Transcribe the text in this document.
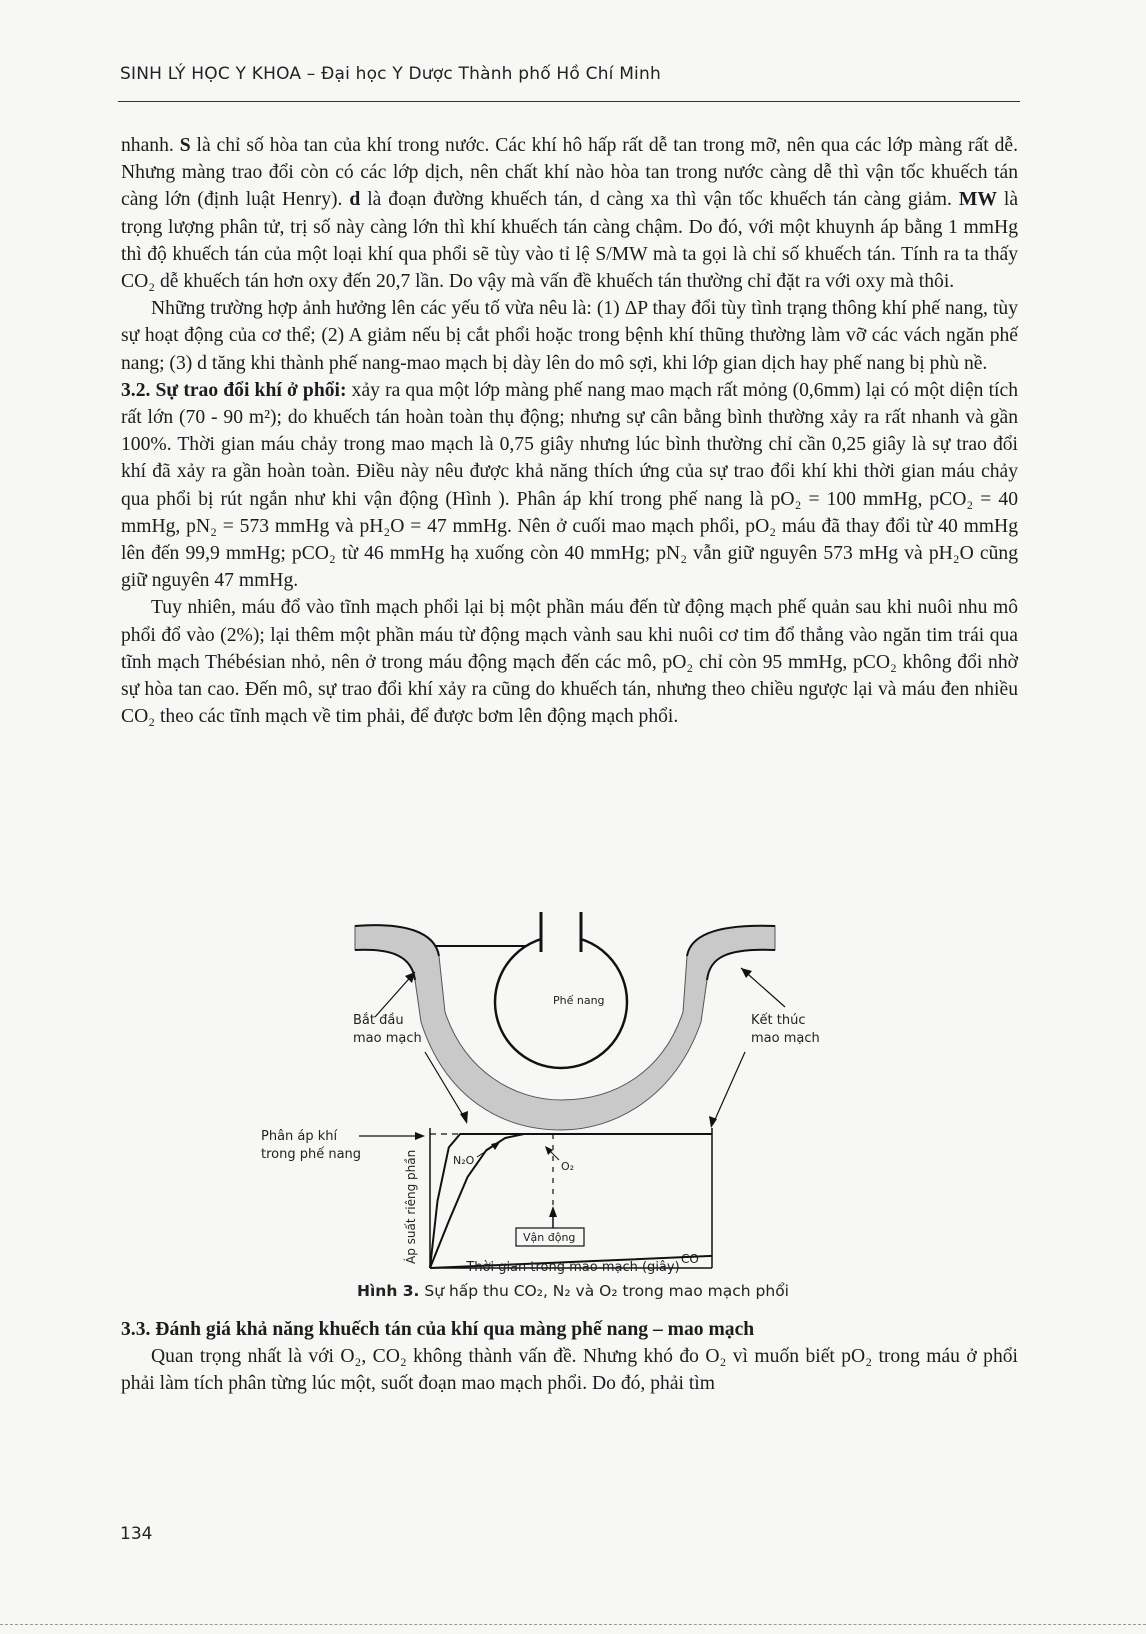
SINH LÝ HỌC Y KHOA – Đại học Y Dược Thành phố Hồ Chí Minh

nhanh. S là chỉ số hòa tan của khí trong nước. Các khí hô hấp rất dễ tan trong mỡ, nên qua các lớp màng rất dễ. Nhưng màng trao đổi còn có các lớp dịch, nên chất khí nào hòa tan trong nước càng dễ thì vận tốc khuếch tán càng lớn (định luật Henry). d là đoạn đường khuếch tán, d càng xa thì vận tốc khuếch tán càng giảm. MW là trọng lượng phân tử, trị số này càng lớn thì khí khuếch tán càng chậm. Do đó, với một khuynh áp bằng 1 mmHg thì độ khuếch tán của một loại khí qua phổi sẽ tùy vào tỉ lệ S/MW mà ta gọi là chỉ số khuếch tán. Tính ra ta thấy CO₂ dễ khuếch tán hơn oxy đến 20,7 lần. Do vậy mà vấn đề khuếch tán thường chỉ đặt ra với oxy mà thôi.

Những trường hợp ảnh hưởng lên các yếu tố vừa nêu là: (1) ΔP thay đổi tùy tình trạng thông khí phế nang, tùy sự hoạt động của cơ thể; (2) A giảm nếu bị cắt phổi hoặc trong bệnh khí thũng thường làm vỡ các vách ngăn phế nang; (3) d tăng khi thành phế nang-mao mạch bị dày lên do mô sợi, khi lớp gian dịch hay phế nang bị phù nề.

3.2. Sự trao đổi khí ở phổi: xảy ra qua một lớp màng phế nang mao mạch rất mỏng (0,6mm) lại có một diện tích rất lớn (70 - 90 m²); do khuếch tán hoàn toàn thụ động; nhưng sự cân bằng bình thường xảy ra rất nhanh và gần 100%. Thời gian máu chảy trong mao mạch là 0,75 giây nhưng lúc bình thường chỉ cần 0,25 giây là sự trao đổi khí đã xảy ra gần hoàn toàn. Điều này nêu được khả năng thích ứng của sự trao đổi khí khi thời gian máu chảy qua phổi bị rút ngắn như khi vận động (Hình ). Phân áp khí trong phế nang là pO₂ = 100 mmHg, pCO₂ = 40 mmHg, pN₂ = 573 mmHg và pH₂O = 47 mmHg. Nên ở cuối mao mạch phổi, pO₂ máu đã thay đổi từ 40 mmHg lên đến 99,9 mmHg; pCO₂ từ 46 mmHg hạ xuống còn 40 mmHg; pN₂ vẫn giữ nguyên 573 mHg và pH₂O cũng giữ nguyên 47 mmHg.

Tuy nhiên, máu đổ vào tĩnh mạch phổi lại bị một phần máu đến từ động mạch phế quản sau khi nuôi nhu mô phổi đổ vào (2%); lại thêm một phần máu từ động mạch vành sau khi nuôi cơ tim đổ thẳng vào ngăn tim trái qua tĩnh mạch Thébésian nhỏ, nên ở trong máu động mạch đến các mô, pO₂ chỉ còn 95 mmHg, pCO₂ không đổi nhờ sự hòa tan cao. Đến mô, sự trao đổi khí xảy ra cũng do khuếch tán, nhưng theo chiều ngược lại và máu đen nhiều CO₂ theo các tĩnh mạch về tim phải, để được bơm lên động mạch phổi.

Phế nang
Bắt đầu
mao mạch
Kết thúc
mao mạch
Phân áp khí
trong phế nang
Vận động
N₂O	O₂
CO
Áp suất riêng phần
Thời gian trong mao mạch (giây)
Hình 3. Sự hấp thu CO₂, N₂ và O₂ trong mao mạch phổi

3.3. Đánh giá khả năng khuếch tán của khí qua màng phế nang – mao mạch

Quan trọng nhất là với O₂, CO₂ không thành vấn đề. Nhưng khó đo O₂ vì muốn biết pO₂ trong máu ở phổi phải làm tích phân từng lúc một, suốt đoạn mao mạch phổi. Do đó, phải tìm

134
